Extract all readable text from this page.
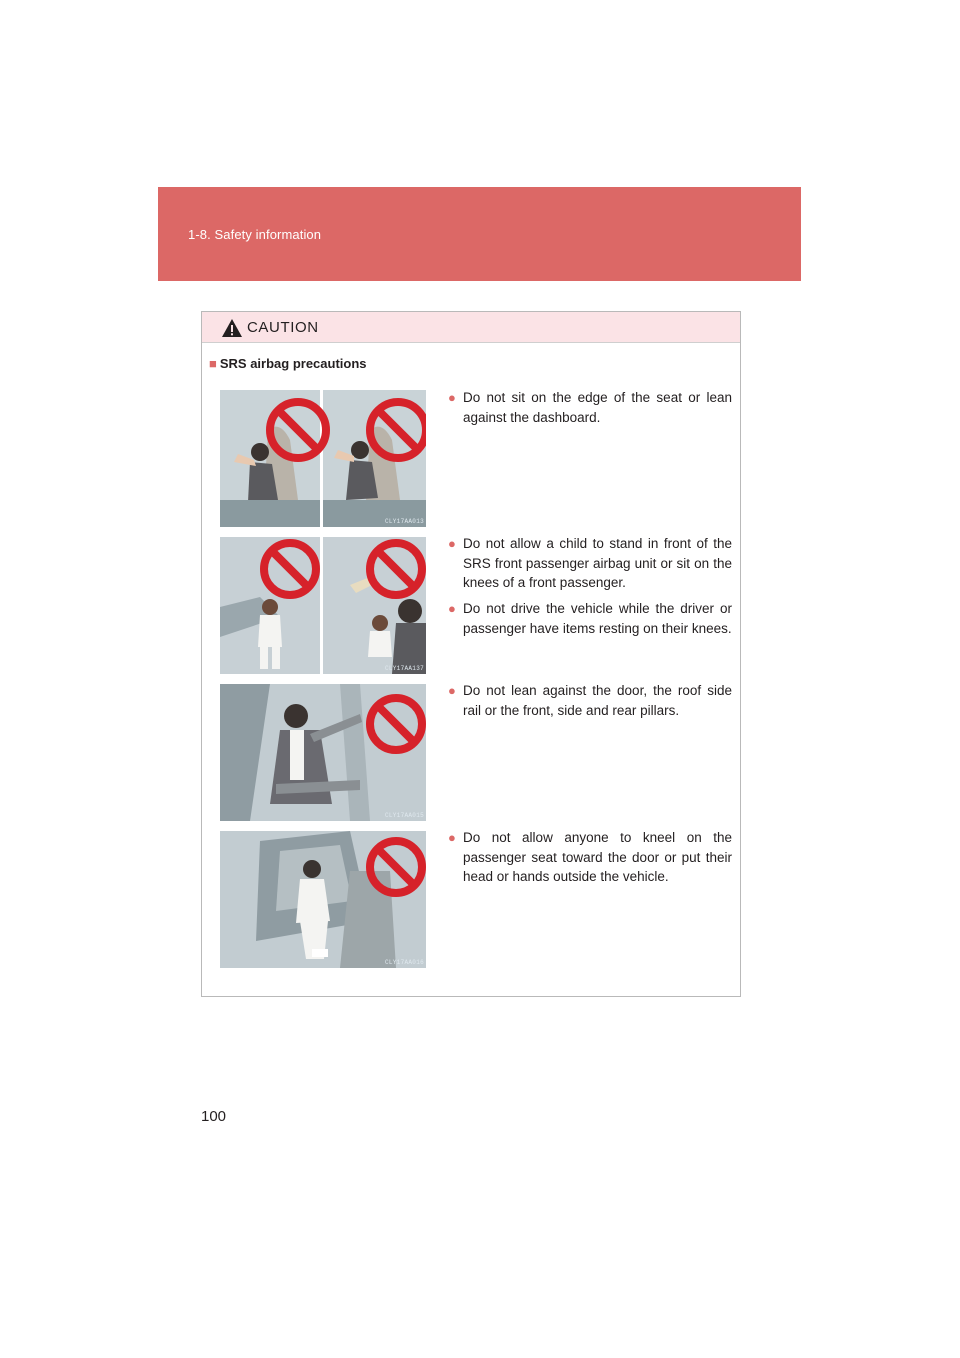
1-8. Safety information
CAUTION
■ SRS airbag precautions
CLY17AA013
CLY17AA137
CLY17AA015
CLY17AA016
● Do not sit on the edge of the seat or lean against the dashboard.
● Do not allow a child to stand in front of the SRS front passenger airbag unit or sit on the knees of a front passenger.
● Do not drive the vehicle while the driver or passenger have items resting on their knees.
● Do not lean against the door, the roof side rail or the front, side and rear pillars.
● Do not allow anyone to kneel on the passenger seat toward the door or put their head or hands outside the vehicle.
100
